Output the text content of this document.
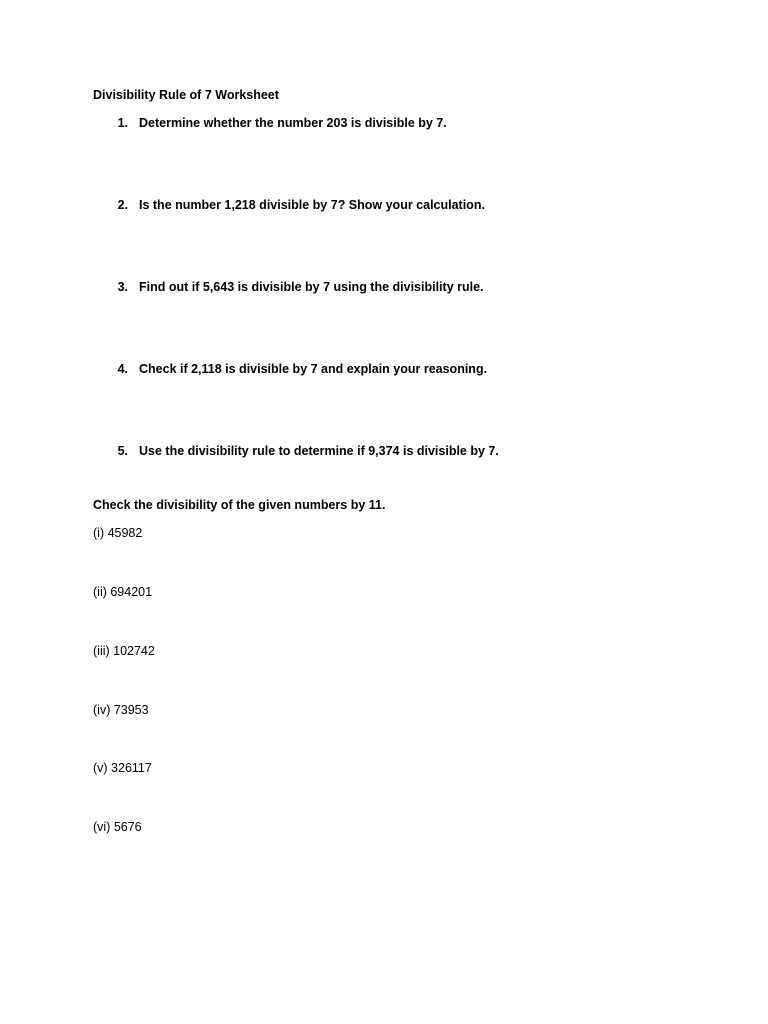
Divisibility Rule of 7 Worksheet
1. Determine whether the number 203 is divisible by 7.
2. Is the number 1,218 divisible by 7? Show your calculation.
3. Find out if 5,643 is divisible by 7 using the divisibility rule.
4. Check if 2,118 is divisible by 7 and explain your reasoning.
5. Use the divisibility rule to determine if 9,374 is divisible by 7.
Check the divisibility of the given numbers by 11.
(i) 45982
(ii) 694201
(iii) 102742
(iv) 73953
(v) 326117
(vi) 5676
